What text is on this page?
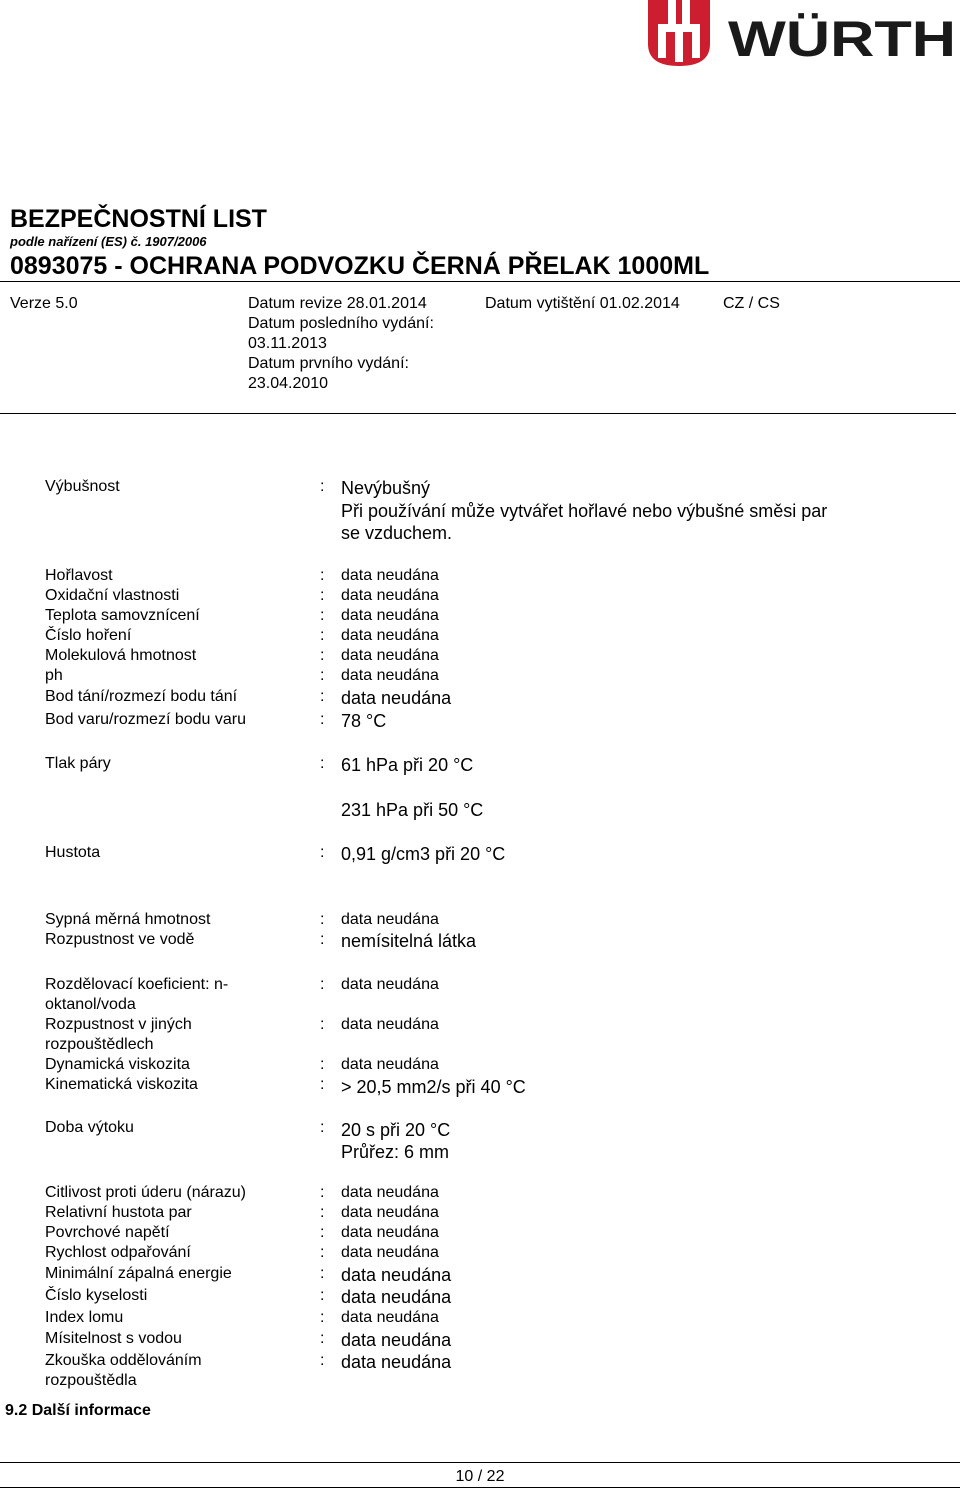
WÜRTH
BEZPEČNOSTNÍ LIST
podle nařízení (ES) č. 1907/2006
0893075 - OCHRANA PODVOZKU ČERNÁ PŘELAK 1000ML
Verze 5.0	Datum revize 28.01.2014
Datum posledního vydání:
03.11.2013
Datum prvního vydání:
23.04.2010
Datum vytištění 01.02.2014	CZ / CS
Výbušnost	: Nevýbušný
Při používání může vytvářet hořlavé nebo výbušné směsi par
se vzduchem.
Hořlavost	: data neudána
Oxidační vlastnosti	: data neudána
Teplota samovznícení	: data neudána
Číslo hoření	: data neudána
Molekulová hmotnost	: data neudána
ph	: data neudána
Bod tání/rozmezí bodu tání	: data neudána
Bod varu/rozmezí bodu varu	: 78 °C
Tlak páry	: 61 hPa při 20 °C
231 hPa při 50 °C
Hustota	: 0,91 g/cm3 při 20 °C
Sypná měrná hmotnost	: data neudána
Rozpustnost ve vodě	: nemísitelná látka
Rozdělovací koeficient: n-
oktanol/voda
: data neudána
Rozpustnost v jiných
rozpouštědlech
: data neudána
Dynamická viskozita	: data neudána
Kinematická viskozita	: > 20,5 mm2/s při 40 °C
Doba výtoku	: 20 s při 20 °C
Průřez: 6 mm
Citlivost proti úderu (nárazu)	: data neudána
Relativní hustota par	: data neudána
Povrchové napětí	: data neudána
Rychlost odpařování	: data neudána
Minimální zápalná energie	: data neudána
Číslo kyselosti	: data neudána
Index lomu	: data neudána
Mísitelnost s vodou	: data neudána
Zkouška oddělováním
rozpouštědla
: data neudána
9.2 Další informace
10 / 22
